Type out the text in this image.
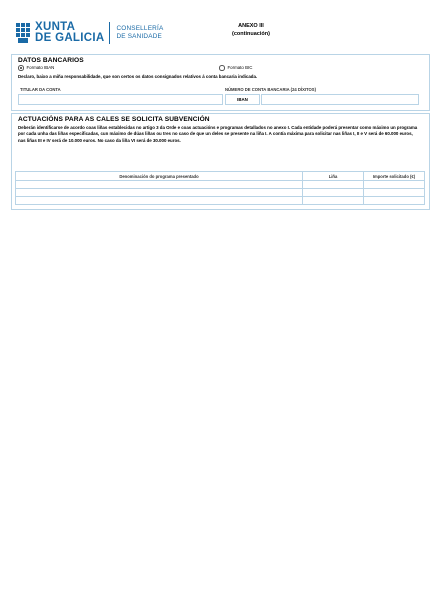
XUNTA
DE GALICIA
CONSELLERÍA
DE SANIDADE
ANEXO III
(continuación)
DATOS BANCARIOS
Formato IBAN	Formato BIC
Declaro, baixo a miña responsabilidade, que son certos os datos consignados relativos á conta bancaria indicada.
TITULAR DA CONTA	NÚMERO DE CONTA BANCARIA (24 DÍXITOS)
IBAN
ACTUACIÓNS PARA AS CALES SE SOLICITA SUBVENCIÓN
Deberán identificarse de acordo coas liñas establecidas no artigo 3 da Orde e coas actuacións e programas detallados no anexo I. Cada entidade poderá presentar como máximo un programa por cada unha das liñas especificadas, cun máximo de dúas liñas ou tres no caso de que un deles se presente na liña I. A contía máxima para solicitar nas liñas I, II e V será de 60.000 euros, nas liñas III e IV será de 10.000 euros. No caso da liña VI será de 30.000 euros.
Denominación do programa presentado	Liña	Importe solicitado (€)
